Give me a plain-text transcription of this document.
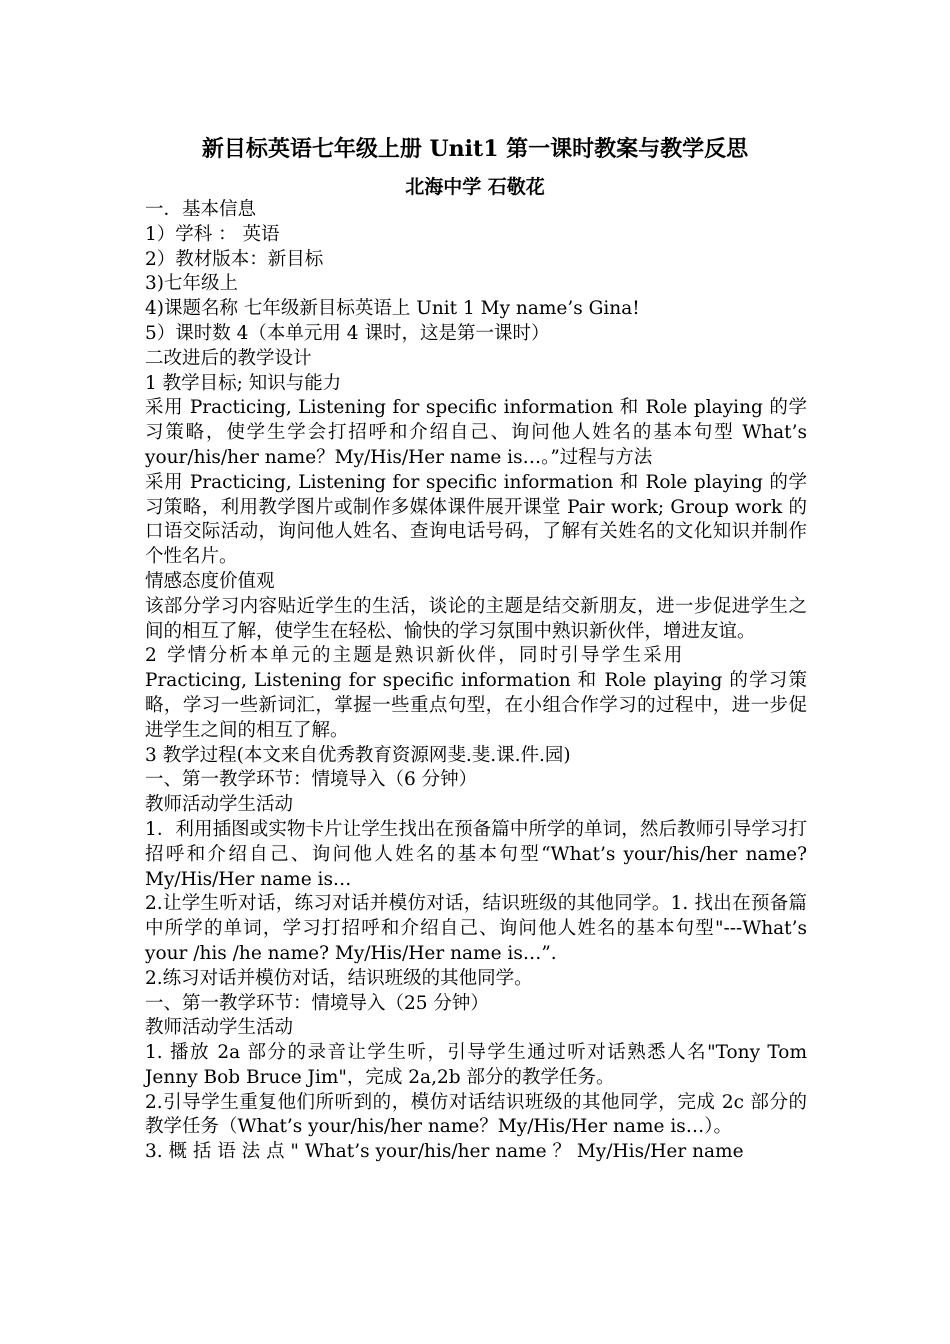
新目标英语七年级上册 Unit1 第一课时教案与教学反思
北海中学 石敬花

一．基本信息

1）学科 ： 英语

2）教材版本：新目标

3)七年级上

4)课题名称 七年级新目标英语上 Unit 1 My name’s Gina!

5）课时数 4（本单元用 4 课时，这是第一课时）

二改进后的教学设计

1 教学目标; 知识与能力

采用 Practicing, Listening for specific information 和 Role playing 的学习策略，使学生学会打招呼和介绍自己、询问他人姓名的基本句型 What’s your/his/her name？My/His/Her name is…。”过程与方法

采用 Practicing, Listening for specific information 和 Role playing 的学习策略，利用教学图片或制作多媒体课件展开课堂 Pair work; Group work 的口语交际活动，询问他人姓名、查询电话号码，了解有关姓名的文化知识并制作个性名片。

情感态度价值观

该部分学习内容贴近学生的生活，谈论的主题是结交新朋友，进一步促进学生之间的相互了解，使学生在轻松、愉快的学习氛围中熟识新伙伴，增进友谊。

2 学情分析本单元的主题是熟识新伙伴，同时引导学生采用

Practicing, Listening for specific information 和 Role playing 的学习策略，学习一些新词汇，掌握一些重点句型，在小组合作学习的过程中，进一步促进学生之间的相互了解。

3 教学过程(本文来自优秀教育资源网斐.斐.课.件.园)

一、第一教学环节：情境导入（6 分钟）

教师活动学生活动

1．利用插图或实物卡片让学生找出在预备篇中所学的单词，然后教师引导学习打招呼和介绍自己、询问他人姓名的基本句型“What’s your/his/her name? My/His/Her name is…

2.让学生听对话，练习对话并模仿对话，结识班级的其他同学。1. 找出在预备篇中所学的单词，学习打招呼和介绍自己、询问他人姓名的基本句型"---What’s your /his /he name? My/His/Her name is…”.

2.练习对话并模仿对话，结识班级的其他同学。

一、第一教学环节：情境导入（25 分钟）

教师活动学生活动

1. 播放 2a 部分的录音让学生听，引导学生通过听对话熟悉人名"Tony Tom Jenny Bob Bruce Jim"，完成 2a,2b 部分的教学任务。

2.引导学生重复他们所听到的，模仿对话结识班级的其他同学，完成 2c 部分的教学任务（What’s your/his/her name？My/His/Her name is…）。

3. 概 括 语 法 点 " What’s your/his/her name ？ My/His/Her name
